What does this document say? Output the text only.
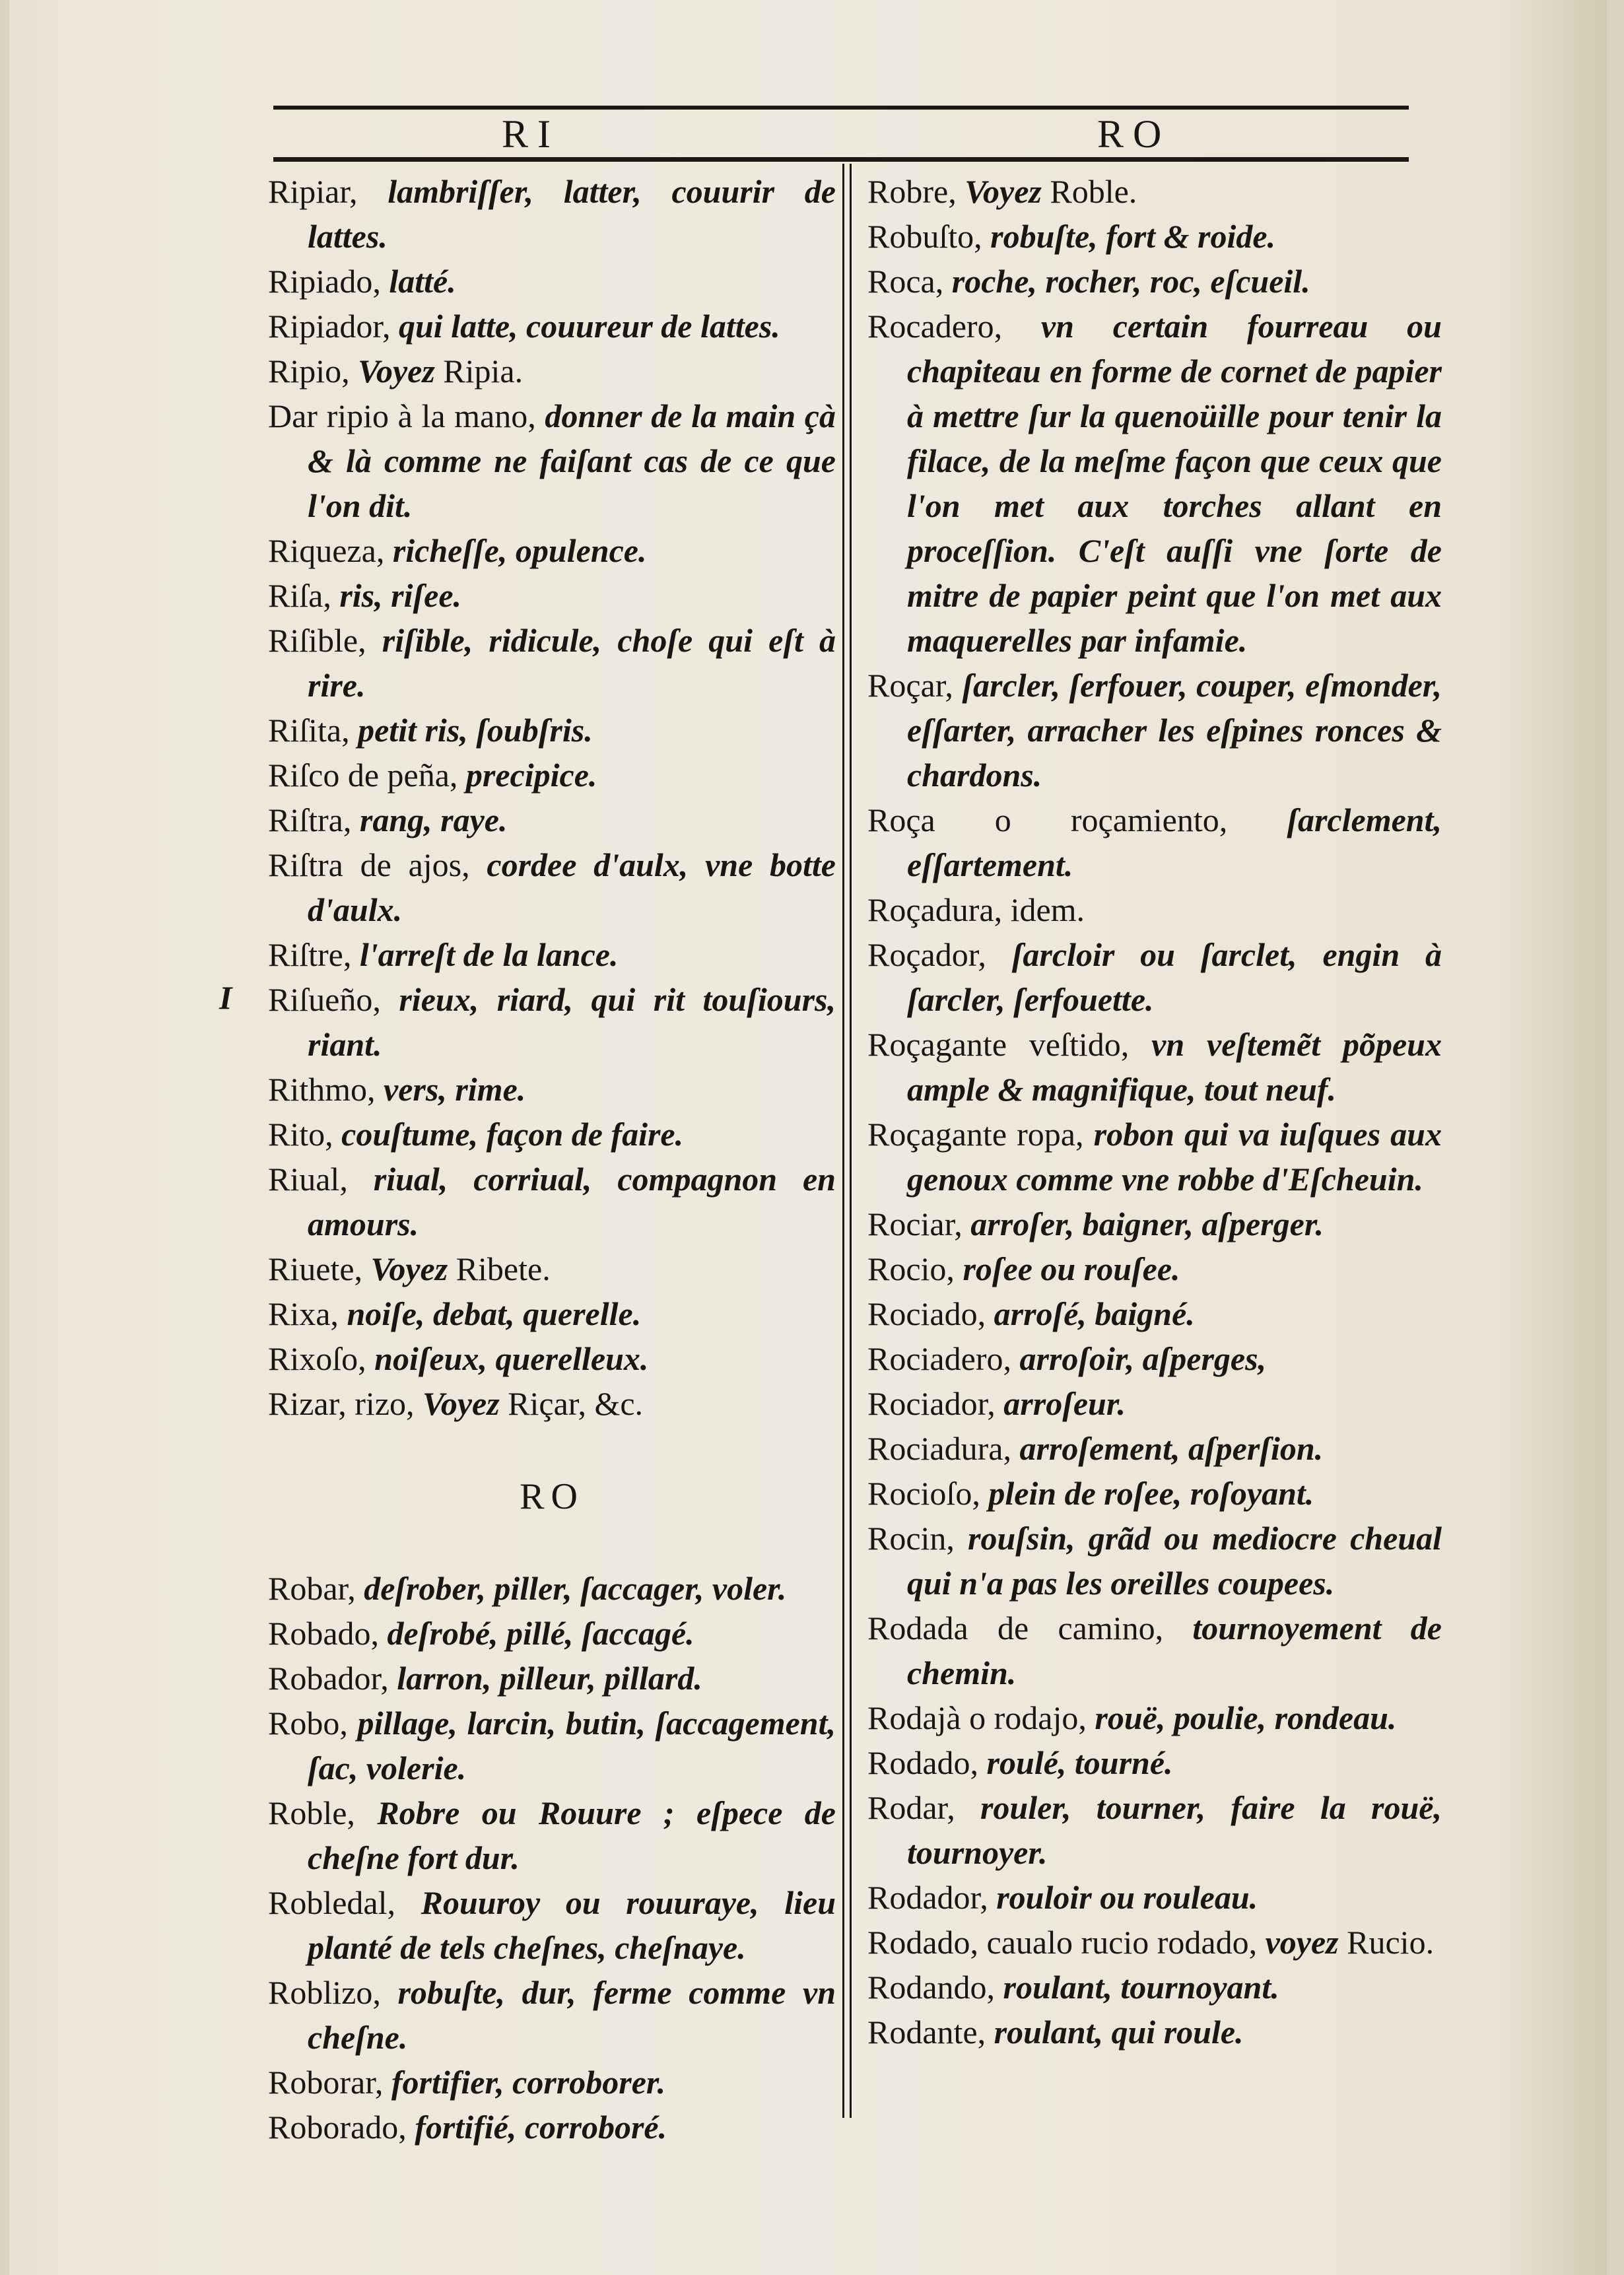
RI	RO
I
Ripiar, lambriſſer, latter, couurir de lattes.
Ripiado, latté.
Ripiador, qui latte, couureur de lattes.
Ripio, Voyez Ripia.
Dar ripio à la mano, donner de la main çà & là comme ne faiſant cas de ce que l'on dit.
Riqueza, richeſſe, opulence.
Riſa, ris, riſee.
Riſible, riſible, ridicule, choſe qui eſt à rire.
Riſita, petit ris, ſoubſris.
Riſco de peña, precipice.
Riſtra, rang, raye.
Riſtra de ajos, cordee d'aulx, vne botte d'aulx.
Riſtre, l'arreſt de la lance.
Riſueño, rieux, riard, qui rit touſiours, riant.
Rithmo, vers, rime.
Rito, couſtume, façon de faire.
Riual, riual, corriual, compagnon en amours.
Riuete, Voyez Ribete.
Rixa, noiſe, debat, querelle.
Rixoſo, noiſeux, querelleux.
Rizar, rizo, Voyez Riçar, &c.
RO
Robar, deſrober, piller, ſaccager, voler.
Robado, deſrobé, pillé, ſaccagé.
Robador, larron, pilleur, pillard.
Robo, pillage, larcin, butin, ſaccagement, ſac, volerie.
Roble, Robre ou Rouure ; eſpece de cheſne fort dur.
Robledal, Rouuroy ou rouuraye, lieu planté de tels cheſnes, cheſnaye.
Roblizo, robuſte, dur, ferme comme vn cheſne.
Roborar, fortifier, corroborer.
Roborado, fortifié, corroboré.
Robre, Voyez Roble.
Robuſto, robuſte, fort & roide.
Roca, roche, rocher, roc, eſcueil.
Rocadero, vn certain fourreau ou chapiteau en forme de cornet de papier à mettre ſur la quenoüille pour tenir la filace, de la meſme façon que ceux que l'on met aux torches allant en proceſſion. C'eſt auſſi vne ſorte de mitre de papier peint que l'on met aux maquerelles par infamie.
Roçar, ſarcler, ſerfouer, couper, eſmonder, eſſarter, arracher les eſpines ronces & chardons.
Roça o roçamiento, ſarclement, eſſartement.
Roçadura, idem.
Roçador, ſarcloir ou ſarclet, engin à ſarcler, ſerfouette.
Roçagante veſtido, vn veſtemẽt põpeux ample & magnifique, tout neuf.
Roçagante ropa, robon qui va iuſques aux genoux comme vne robbe d'Eſcheuin.
Rociar, arroſer, baigner, aſperger.
Rocio, roſee ou rouſee.
Rociado, arroſé, baigné.
Rociadero, arroſoir, aſperges,
Rociador, arroſeur.
Rociadura, arroſement, aſperſion.
Rocioſo, plein de roſee, roſoyant.
Rocin, rouſsin, grãd ou mediocre cheual qui n'a pas les oreilles coupees.
Rodada de camino, tournoyement de chemin.
Rodajà o rodajo, rouë, poulie, rondeau.
Rodado, roulé, tourné.
Rodar, rouler, tourner, faire la rouë, tournoyer.
Rodador, rouloir ou rouleau.
Rodado, caualo rucio rodado, voyez Rucio.
Rodando, roulant, tournoyant.
Rodante, roulant, qui roule.
